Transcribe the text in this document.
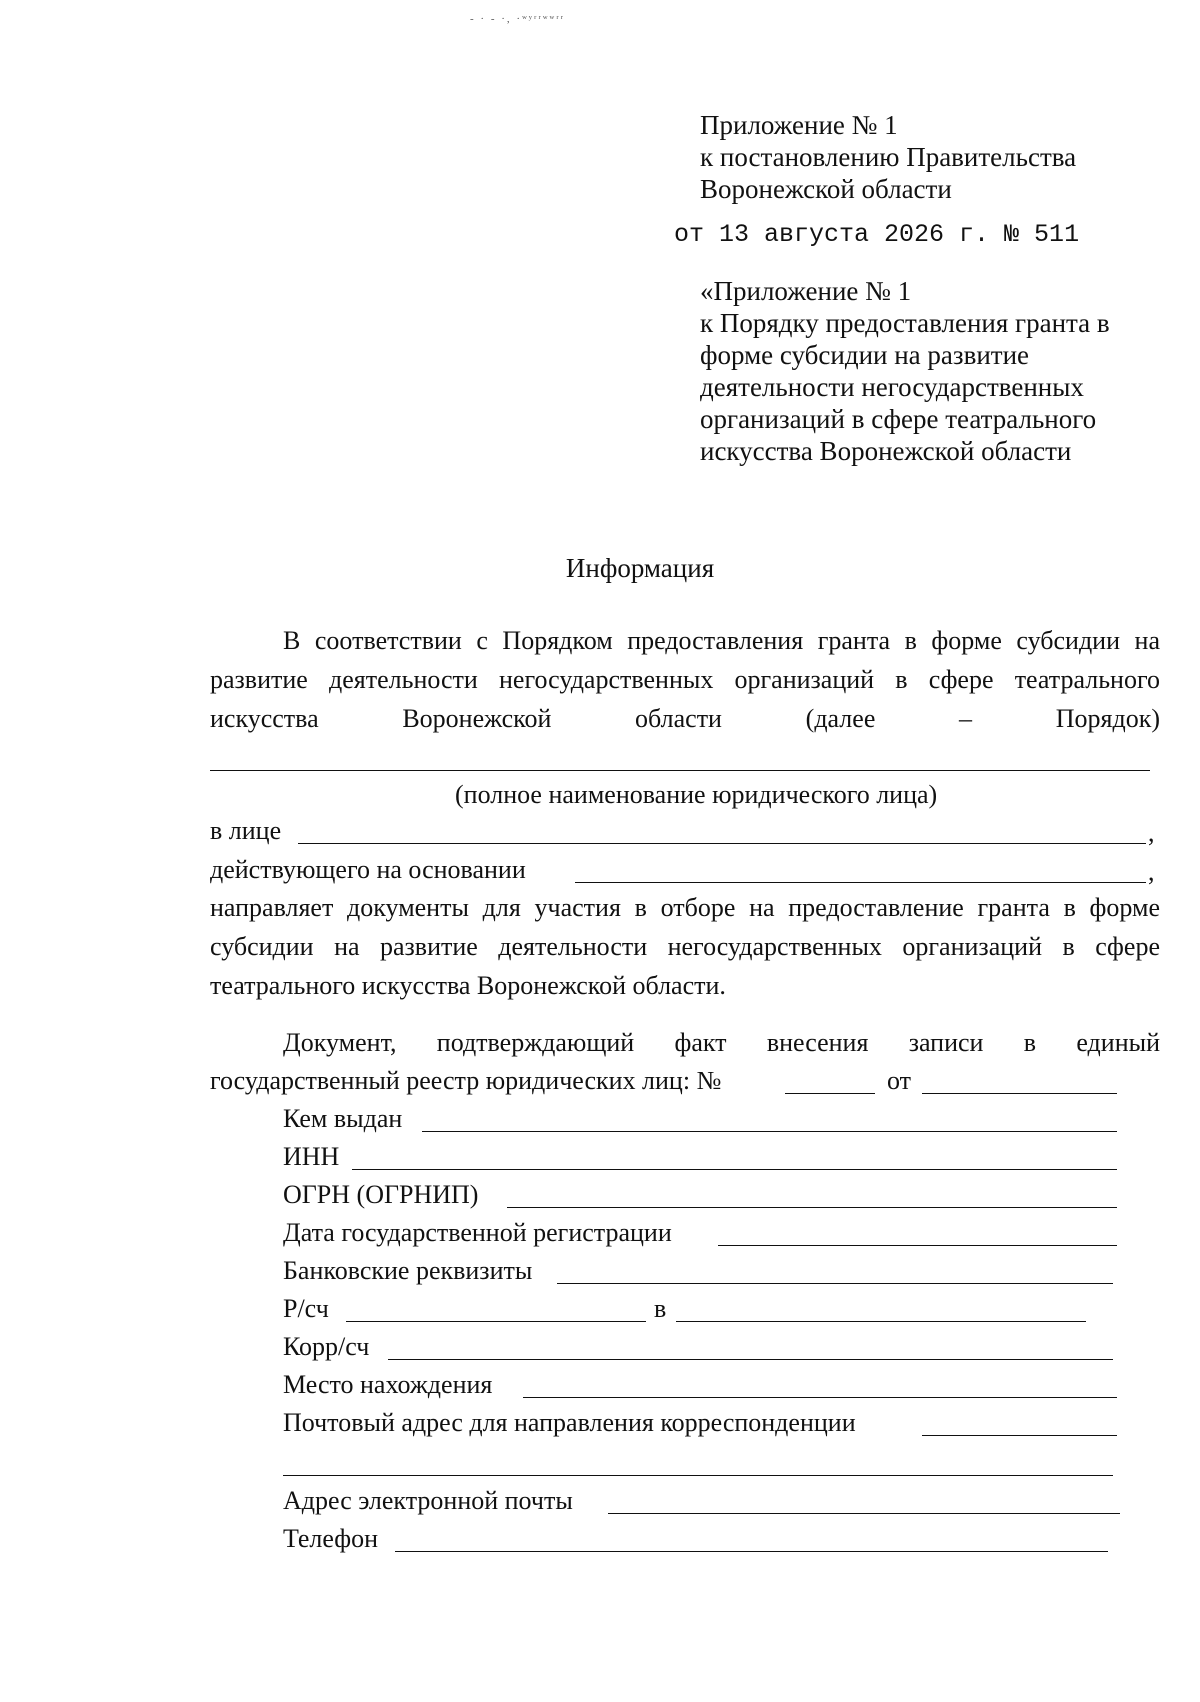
- · - ·, ·ʷʸʳʳʷʷʳʳ
Приложение № 1
к постановлению Правительства
Воронежской области
от 13 августа 2026 г. № 511
«Приложение № 1
к Порядку предоставления гранта в
форме субсидии на развитие
деятельности негосударственных
организаций в сфере театрального
искусства Воронежской области
Информация
В соответствии с Порядком предоставления гранта в форме субсидии на
развитие деятельности негосударственных организаций в сфере театрального
искусства Воронежской области (далее – Порядок)
(полное наименование юридического лица)
в лице	,
действующего на основании	,
направляет документы для участия в отборе на предоставление гранта в форме
субсидии на развитие деятельности негосударственных организаций в сфере
театрального искусства Воронежской области.
Документ, подтверждающий факт внесения записи в единый
государственный реестр юридических лиц: №	от
Кем выдан
ИНН
ОГРН (ОГРНИП)
Дата государственной регистрации
Банковские реквизиты
Р/сч	в
Корр/сч
Место нахождения
Почтовый адрес для направления корреспонденции
Адрес электронной почты
Телефон
